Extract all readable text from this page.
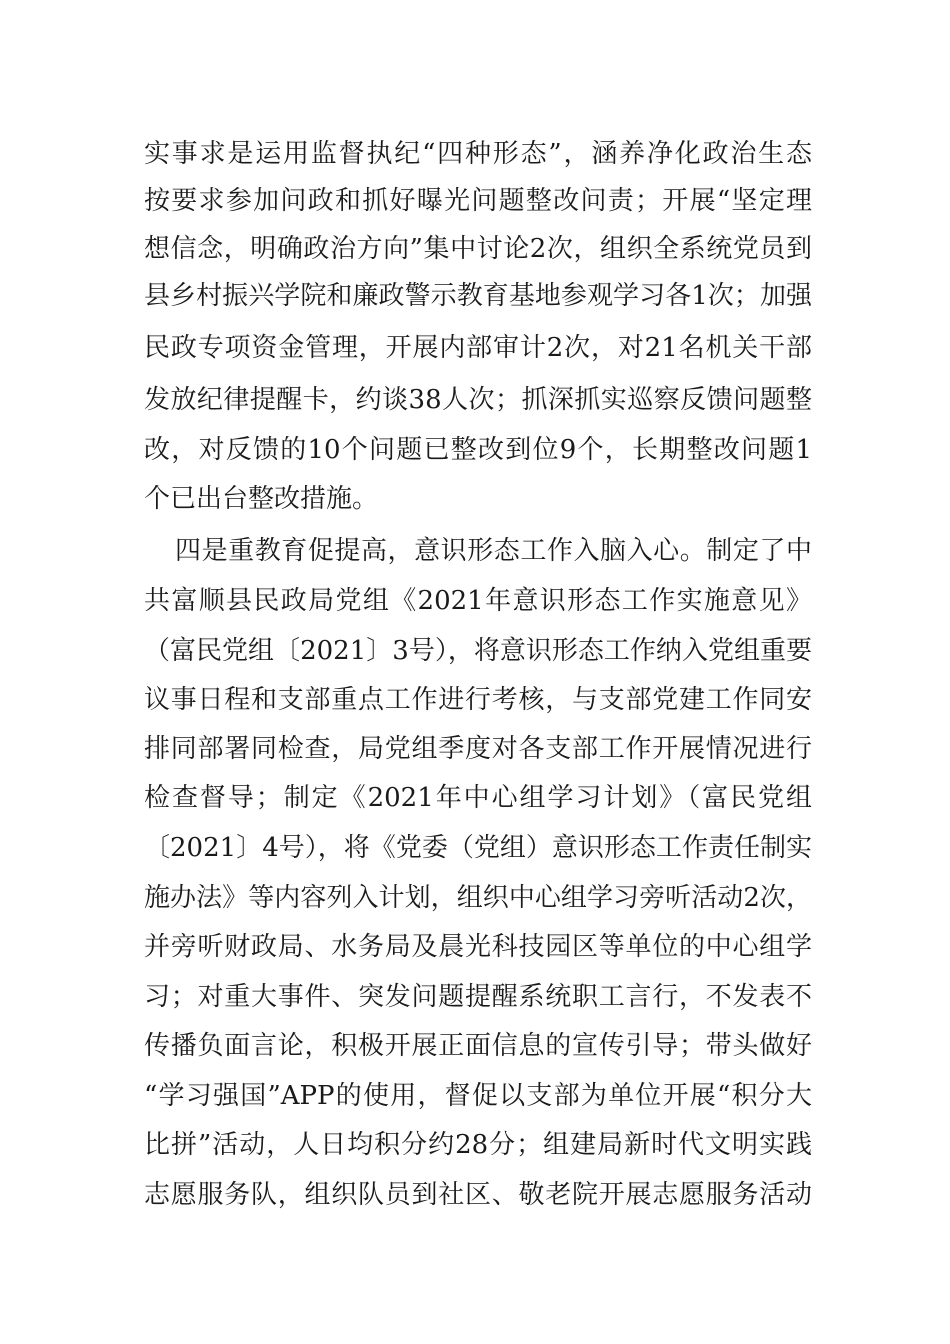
实事求是运用监督执纪“四种形态”，涵养净化政治生态
按要求参加问政和抓好曝光问题整改问责；开展“坚定理
想信念，明确政治方向”集中讨论2次，组织全系统党员到
县乡村振兴学院和廉政警示教育基地参观学习各1次；加强
民政专项资金管理，开展内部审计2次，对21名机关干部
发放纪律提醒卡，约谈38人次；抓深抓实巡察反馈问题整
改，对反馈的10个问题已整改到位9个，长期整改问题1
个已出台整改措施。
四是重教育促提高，意识形态工作入脑入心。制定了中
共富顺县民政局党组《2021年意识形态工作实施意见》
（富民党组〔2021〕3号），将意识形态工作纳入党组重要
议事日程和支部重点工作进行考核，与支部党建工作同安
排同部署同检查，局党组季度对各支部工作开展情况进行
检查督导；制定《2021年中心组学习计划》（富民党组
〔2021〕4号），将《党委（党组）意识形态工作责任制实
施办法》等内容列入计划，组织中心组学习旁听活动2次，
并旁听财政局、水务局及晨光科技园区等单位的中心组学
习；对重大事件、突发问题提醒系统职工言行，不发表不
传播负面言论，积极开展正面信息的宣传引导；带头做好
“学习强国”APP的使用，督促以支部为单位开展“积分大
比拼”活动，人日均积分约28分；组建局新时代文明实践
志愿服务队，组织队员到社区、敬老院开展志愿服务活动
